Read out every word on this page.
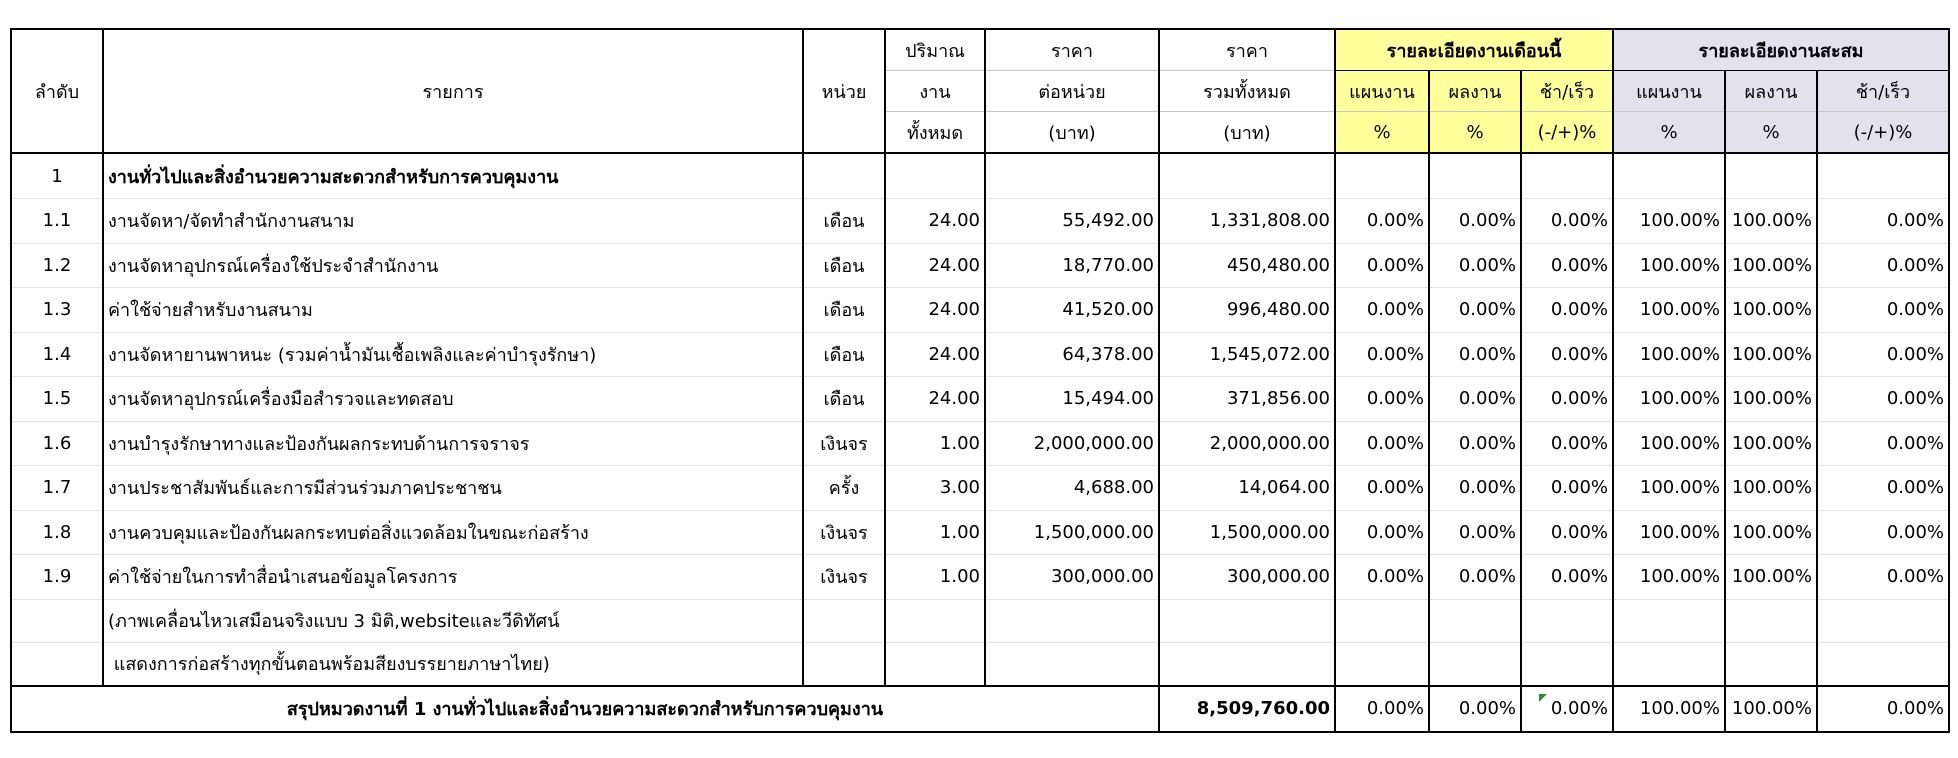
ลำดับ	รายการ	หน่วย	ปริมาณ	ราคา	ราคา	รายละเอียดงานเดือนนี้			รายละเอียดงานสะสม		
			งาน	ต่อหน่วย	รวมทั้งหมด	แผนงาน	ผลงาน	ช้า/เร็ว	แผนงาน	ผลงาน	ช้า/เร็ว
			ทั้งหมด	(บาท)	(บาท)	%	%	(-/+)%	%	%	(-/+)%
1	งานทั่วไปและสิ่งอำนวยความสะดวกสำหรับการควบคุมงาน										
1.1	งานจัดหา/จัดทำสำนักงานสนาม	เดือน	24.00	55,492.00	1,331,808.00	0.00%	0.00%	0.00%	100.00%	100.00%	0.00%
1.2	งานจัดหาอุปกรณ์เครื่องใช้ประจำสำนักงาน	เดือน	24.00	18,770.00	450,480.00	0.00%	0.00%	0.00%	100.00%	100.00%	0.00%
1.3	ค่าใช้จ่ายสำหรับงานสนาม	เดือน	24.00	41,520.00	996,480.00	0.00%	0.00%	0.00%	100.00%	100.00%	0.00%
1.4	งานจัดหายานพาหนะ (รวมค่าน้ำมันเชื้อเพลิงและค่าบำรุงรักษา)	เดือน	24.00	64,378.00	1,545,072.00	0.00%	0.00%	0.00%	100.00%	100.00%	0.00%
1.5	งานจัดหาอุปกรณ์เครื่องมือสำรวจและทดสอบ	เดือน	24.00	15,494.00	371,856.00	0.00%	0.00%	0.00%	100.00%	100.00%	0.00%
1.6	งานบำรุงรักษาทางและป้องกันผลกระทบด้านการจราจร	เงินจร	1.00	2,000,000.00	2,000,000.00	0.00%	0.00%	0.00%	100.00%	100.00%	0.00%
1.7	งานประชาสัมพันธ์และการมีส่วนร่วมภาคประชาชน	ครั้ง	3.00	4,688.00	14,064.00	0.00%	0.00%	0.00%	100.00%	100.00%	0.00%
1.8	งานควบคุมและป้องกันผลกระทบต่อสิ่งแวดล้อมในขณะก่อสร้าง	เงินจร	1.00	1,500,000.00	1,500,000.00	0.00%	0.00%	0.00%	100.00%	100.00%	0.00%
1.9	ค่าใช้จ่ายในการทำสื่อนำเสนอข้อมูลโครงการ	เงินจร	1.00	300,000.00	300,000.00	0.00%	0.00%	0.00%	100.00%	100.00%	0.00%
	(ภาพเคลื่อนไหวเสมือนจริงแบบ 3 มิติ,websiteและวีดิทัศน์										
	แสดงการก่อสร้างทุกขั้นตอนพร้อมสียงบรรยายภาษาไทย)										
สรุปหมวดงานที่ 1 งานทั่วไปและสิ่งอำนวยความสะดวกสำหรับการควบคุมงาน					8,509,760.00	0.00%	0.00%	0.00%	100.00%	100.00%	0.00%
